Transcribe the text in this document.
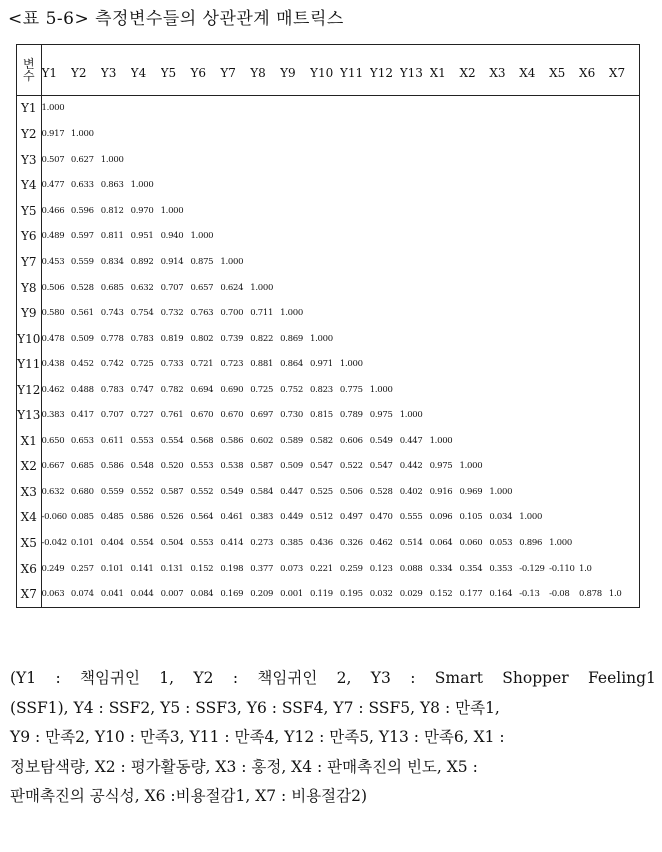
<표 5-6> 측정변수들의 상관관계 매트릭스
변
수	Y1	Y2	Y3	Y4	Y5	Y6	Y7	Y8	Y9	Y10	Y11	Y12	Y13	X1	X2	X3	X4	X5	X6	X7
Y1	1.000																			
Y2	0.917	1.000																		
Y3	0.507	0.627	1.000																	
Y4	0.477	0.633	0.863	1.000																
Y5	0.466	0.596	0.812	0.970	1.000															
Y6	0.489	0.597	0.811	0.951	0.940	1.000														
Y7	0.453	0.559	0.834	0.892	0.914	0.875	1.000													
Y8	0.506	0.528	0.685	0.632	0.707	0.657	0.624	1.000												
Y9	0.580	0.561	0.743	0.754	0.732	0.763	0.700	0.711	1.000											
Y10	0.478	0.509	0.778	0.783	0.819	0.802	0.739	0.822	0.869	1.000										
Y11	0.438	0.452	0.742	0.725	0.733	0.721	0.723	0.881	0.864	0.971	1.000									
Y12	0.462	0.488	0.783	0.747	0.782	0.694	0.690	0.725	0.752	0.823	0.775	1.000								
Y13	0.383	0.417	0.707	0.727	0.761	0.670	0.670	0.697	0.730	0.815	0.789	0.975	1.000							
X1	0.650	0.653	0.611	0.553	0.554	0.568	0.586	0.602	0.589	0.582	0.606	0.549	0.447	1.000						
X2	0.667	0.685	0.586	0.548	0.520	0.553	0.538	0.587	0.509	0.547	0.522	0.547	0.442	0.975	1.000					
X3	0.632	0.680	0.559	0.552	0.587	0.552	0.549	0.584	0.447	0.525	0.506	0.528	0.402	0.916	0.969	1.000				
X4	-0.060	0.085	0.485	0.586	0.526	0.564	0.461	0.383	0.449	0.512	0.497	0.470	0.555	0.096	0.105	0.034	1.000			
X5	-0.042	0.101	0.404	0.554	0.504	0.553	0.414	0.273	0.385	0.436	0.326	0.462	0.514	0.064	0.060	0.053	0.896	1.000		
X6	0.249	0.257	0.101	0.141	0.131	0.152	0.198	0.377	0.073	0.221	0.259	0.123	0.088	0.334	0.354	0.353	-0.129	-0.110	1.0	
X7	0.063	0.074	0.041	0.044	0.007	0.084	0.169	0.209	0.001	0.119	0.195	0.032	0.029	0.152	0.177	0.164	-0.13	-0.08	0.878	1.0
(Y1 : 책임귀인 1, Y2 : 책임귀인 2, Y3 : Smart Shopper Feeling1
(SSF1), Y4 : SSF2, Y5 : SSF3, Y6 : SSF4, Y7 : SSF5, Y8 : 만족1,
Y9 : 만족2, Y10 : 만족3, Y11 : 만족4, Y12 : 만족5, Y13 : 만족6, X1 :
정보탐색량, X2 : 평가활동량, X3 : 홍정, X4 : 판매촉진의 빈도, X5 :
판매촉진의 공식성, X6 :비용절감1, X7 : 비용절감2)
